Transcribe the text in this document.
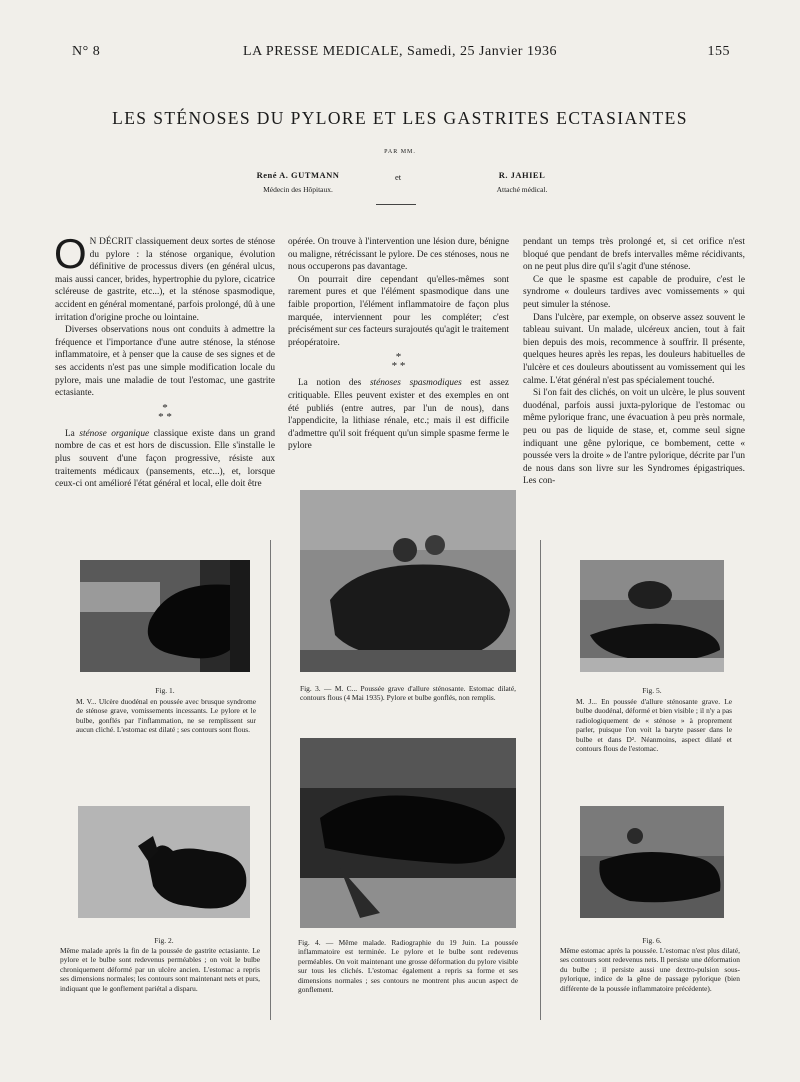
N° 8	LA PRESSE MEDICALE, Samedi, 25 Janvier 1936	155
LES STÉNOSES DU PYLORE ET LES GASTRITES ECTASIANTES
PAR MM.
René A. GUTMANN
Médecin des Hôpitaux.
et	R. JAHIEL
Attaché médical.

O N DÉCRIT classiquement deux sortes de sténose du pylore : la sténose organique, évolution définitive de processus divers (en général ulcus, mais aussi cancer, brides, hypertrophie du pylore, cicatrice scléreuse de gastrite, etc...), et la sténose spasmodique, accident en général momentané, parfois prolongé, dû à une irritation d'origine proche ou lointaine.

Diverses observations nous ont conduits à admettre la fréquence et l'importance d'une autre sténose, la sténose inflammatoire, et à penser que la cause de ses signes et de ses accidents n'est pas une simple modification locale du pylore, mais une maladie de tout l'estomac, une gastrite ectasiante.

*
* *

La sténose organique classique existe dans un grand nombre de cas et est hors de discussion. Elle s'installe le plus souvent d'une façon progressive, résiste aux traitements médicaux (pansements, etc...), et, lorsque ceux-ci ont amélioré l'état général et local, elle doit être

opérée. On trouve à l'intervention une lésion dure, bénigne ou maligne, rétrécissant le pylore. De ces sténoses, nous ne nous occuperons pas davantage.

On pourrait dire cependant qu'elles-mêmes sont rarement pures et que l'élément spasmodique dans une faible proportion, l'élément inflammatoire de façon plus marquée, interviennent pour les compléter; c'est précisément sur ces facteurs surajoutés qu'agit le traitement préopératoire.

*
* *

La notion des sténoses spasmodiques est assez critiquable. Elles peuvent exister et des exemples en ont été publiés (entre autres, par l'un de nous), dans l'appendicite, la lithiase rénale, etc.; mais il est difficile d'admettre qu'il soit fréquent qu'un simple spasme ferme le pylore

pendant un temps très prolongé et, si cet orifice n'est bloqué que pendant de brefs intervalles même récidivants, on ne peut plus dire qu'il s'agit d'une sténose.

Ce que le spasme est capable de produire, c'est le syndrome « douleurs tardives avec vomissements » qui peut simuler la sténose.

Dans l'ulcère, par exemple, on observe assez souvent le tableau suivant. Un malade, ulcéreux ancien, tout à fait bien depuis des mois, recommence à souffrir. Il présente, quelques heures après les repas, les douleurs habituelles de l'ulcère et ces douleurs aboutissent au vomissement qui les calme. L'état général n'est pas spécialement touché.

Si l'on fait des clichés, on voit un ulcère, le plus souvent duodénal, parfois aussi juxta-pylorique de l'estomac ou même pylorique franc, une évacuation à peu près normale, peu ou pas de liquide de stase, et, comme seul signe indiquant une gêne pylorique, ce bombement, cette « poussée vers la droite » de l'antre pylorique, décrite par l'un de nous dans son livre sur les Syndromes épigastriques. Les con-

Fig. 1.
M. V... Ulcère duodénal en poussée avec brusque syndrome de sténose grave, vomissements incessants. Le pylore et le bulbe, gonflés par l'inflammation, ne se remplissent sur aucun cliché. L'estomac est dilaté ; ses contours sont flous.
Fig. 2.
Même malade après la fin de la poussée de gastrite ectasiante. Le pylore et le bulbe sont redevenus perméables ; on voit le bulbe chroniquement déformé par un ulcère ancien. L'estomac a repris ses dimensions normales; les contours sont maintenant nets et purs, indiquant que le gonflement pariétal a disparu.
Fig. 3. — M. C... Poussée grave d'allure sténosante. Estomac dilaté, contours flous (4 Mai 1935). Pylore et bulbe gonflés, non remplis.
Fig. 4. — Même malade. Radiographie du 19 Juin. La poussée inflammatoire est terminée. Le pylore et le bulbe sont redevenus perméables. On voit maintenant une grosse déformation du pylore visible sur tous les clichés. L'estomac également a repris sa forme et ses dimensions normales ; ses contours ne montrent plus aucun aspect de gonflement.
Fig. 5.
M. J... En poussée d'allure sténosante grave. Le bulbe duodénal, déformé et bien visible ; il n'y a pas radiologiquement de « sténose » à proprement parler, puisque l'on voit la baryte passer dans le bulbe et dans D². Néanmoins, aspect dilaté et contours flous de l'estomac.
Fig. 6.
Même estomac après la poussée. L'estomac n'est plus dilaté, ses contours sont redevenus nets. Il persiste une déformation du bulbe ; il persiste aussi une dextro-pulsion sous-pylorique, indice de la gêne de passage pylorique (bien différente de la poussée inflammatoire précédente).
